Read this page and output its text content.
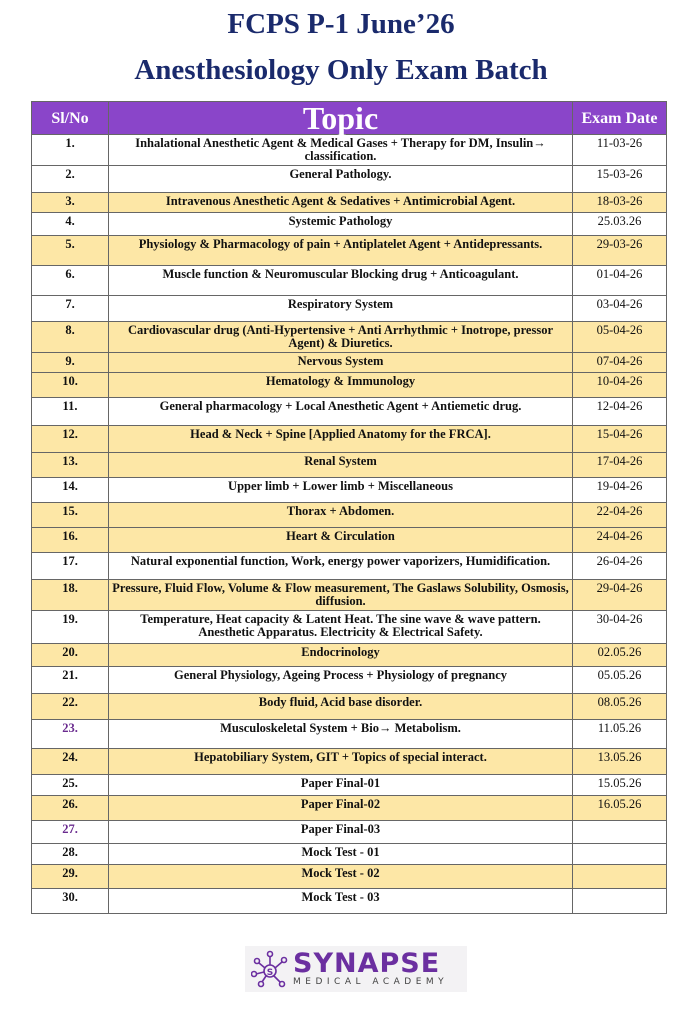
FCPS P-1 June’26
Anesthesiology Only Exam Batch
Sl/No	Topic	Exam Date
1.	Inhalational Anesthetic Agent & Medical Gases + Therapy for DM, Insulin→ classification.	11-03-26
2.	General Pathology.	15-03-26
3.	Intravenous Anesthetic Agent & Sedatives + Antimicrobial Agent.	18-03-26
4.	Systemic Pathology	25.03.26
5.	Physiology & Pharmacology of pain + Antiplatelet Agent + Antidepressants.	29-03-26
6.	Muscle function & Neuromuscular Blocking drug + Anticoagulant.	01-04-26
7.	Respiratory System	03-04-26
8.	Cardiovascular drug (Anti-Hypertensive + Anti Arrhythmic + Inotrope, pressor Agent) & Diuretics.	05-04-26
9.	Nervous System	07-04-26
10.	Hematology & Immunology	10-04-26
11.	General pharmacology + Local Anesthetic Agent + Antiemetic drug.	12-04-26
12.	Head & Neck + Spine [Applied Anatomy for the FRCA].	15-04-26
13.	Renal System	17-04-26
14.	Upper limb + Lower limb + Miscellaneous	19-04-26
15.	Thorax + Abdomen.	22-04-26
16.	Heart & Circulation	24-04-26
17.	Natural exponential function, Work, energy power vaporizers, Humidification.	26-04-26
18.	Pressure, Fluid Flow, Volume & Flow measurement, The Gaslaws Solubility, Osmosis, diffusion.	29-04-26
19.	Temperature, Heat capacity & Latent Heat. The sine wave & wave pattern. Anesthetic Apparatus. Electricity & Electrical Safety.	30-04-26
20.	Endocrinology	02.05.26
21.	General Physiology, Ageing Process + Physiology of pregnancy	05.05.26
22.	Body fluid, Acid base disorder.	08.05.26
23.	Musculoskeletal System + Bio→ Metabolism.	11.05.26
24.	Hepatobiliary System, GIT + Topics of special interact.	13.05.26
25.	Paper Final-01	15.05.26
26.	Paper Final-02	16.05.26
27.	Paper Final-03	
28.	Mock Test - 01	
29.	Mock Test - 02	
30.	Mock Test - 03	
S SYNAPSE
MEDICAL ACADEMY
